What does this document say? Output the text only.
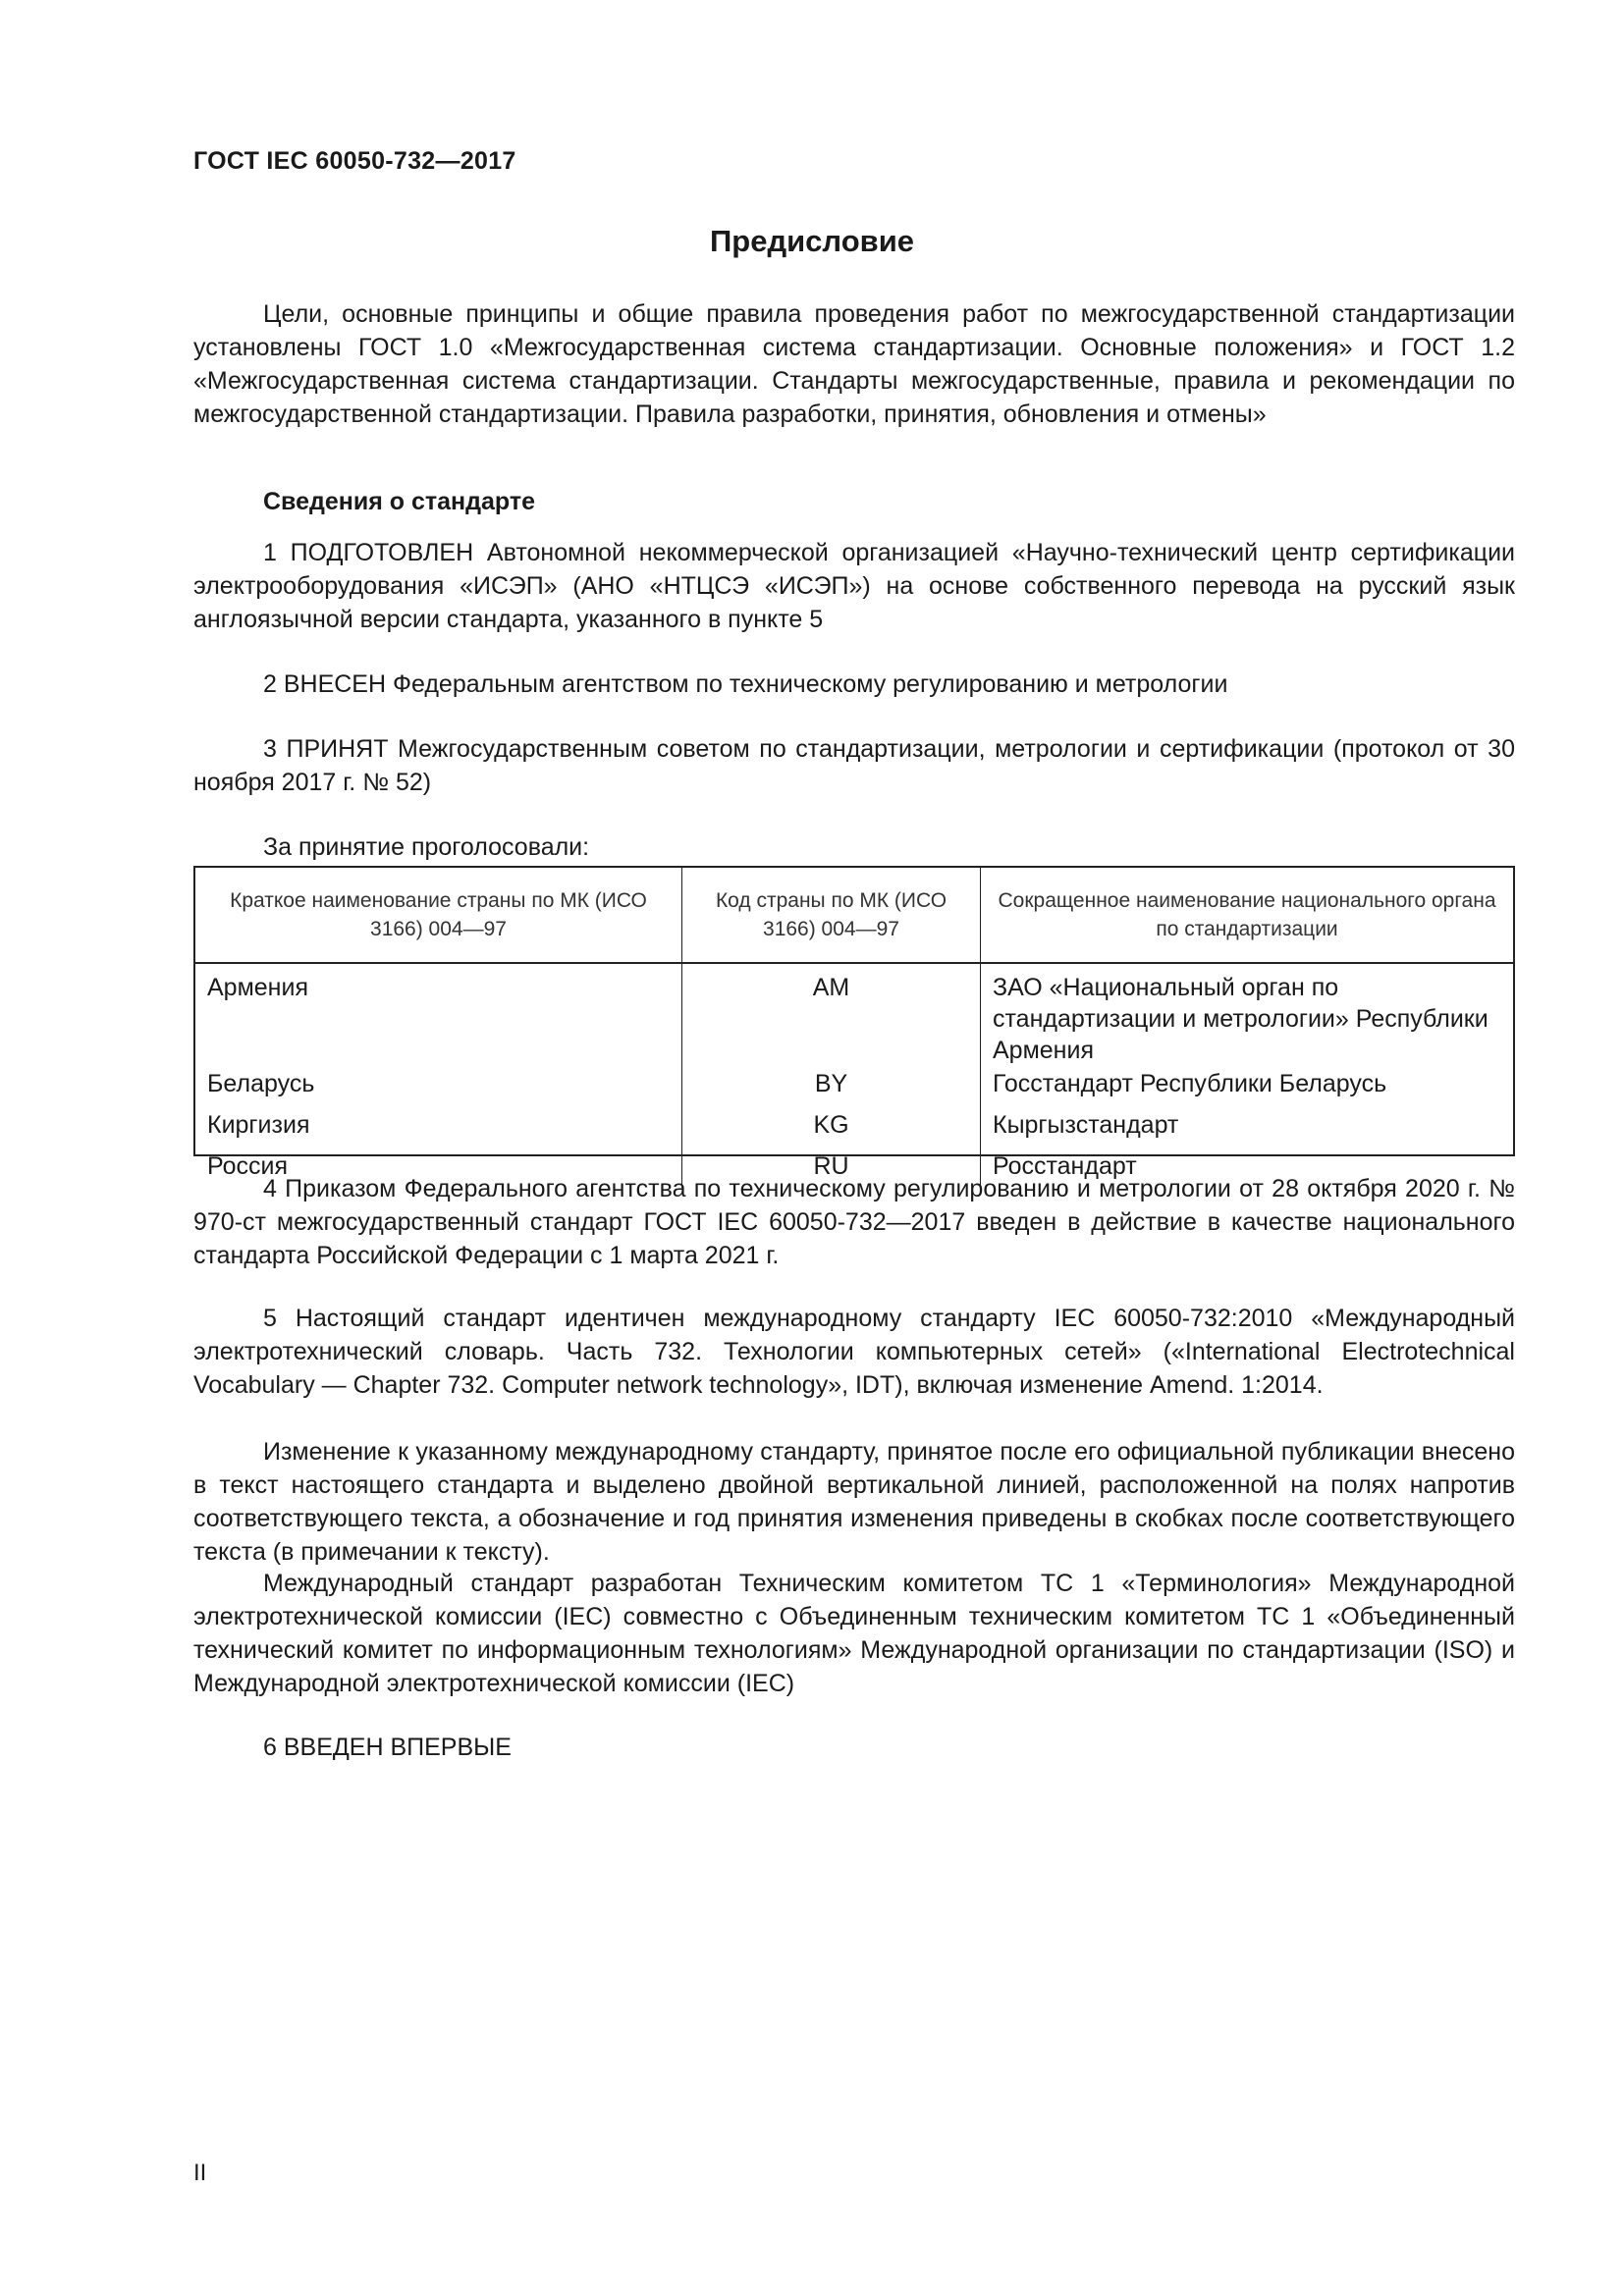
ГОСТ IEC 60050-732—2017
Предисловие
Цели, основные принципы и общие правила проведения работ по межгосударственной стандартизации установлены ГОСТ 1.0 «Межгосударственная система стандартизации. Основные положения» и ГОСТ 1.2 «Межгосударственная система стандартизации. Стандарты межгосударственные, правила и рекомендации по межгосударственной стандартизации. Правила разработки, принятия, обновления и отмены»
Сведения о стандарте
1 ПОДГОТОВЛЕН Автономной некоммерческой организацией «Научно-технический центр сертификации электрооборудования «ИСЭП» (АНО «НТЦСЭ «ИСЭП») на основе собственного перевода на русский язык англоязычной версии стандарта, указанного в пункте 5
2 ВНЕСЕН Федеральным агентством по техническому регулированию и метрологии
3 ПРИНЯТ Межгосударственным советом по стандартизации, метрологии и сертификации (протокол от 30 ноября 2017 г. № 52)
За принятие проголосовали:
Краткое наименование страны по МК (ИСО 3166) 004—97	Код страны по МК (ИСО 3166) 004—97	Сокращенное наименование национального органа по стандартизации
Армения	AM	ЗАО «Национальный орган по стандартизации и метрологии» Республики Армения
Беларусь	BY	Госстандарт Республики Беларусь
Киргизия	KG	Кыргызстандарт
Россия	RU	Росстандарт
4 Приказом Федерального агентства по техническому регулированию и метрологии от 28 октября 2020 г. № 970-ст межгосударственный стандарт ГОСТ IEC 60050-732—2017 введен в действие в качестве национального стандарта Российской Федерации с 1 марта 2021 г.
5 Настоящий стандарт идентичен международному стандарту IEC 60050-732:2010 «Международный электротехнический словарь. Часть 732. Технологии компьютерных сетей» («International Electrotechnical Vocabulary — Chapter 732. Computer network technology», IDT), включая изменение Amend. 1:2014.
Изменение к указанному международному стандарту, принятое после его официальной публикации внесено в текст настоящего стандарта и выделено двойной вертикальной линией, расположенной на полях напротив соответствующего текста, а обозначение и год принятия изменения приведены в скобках после соответствующего текста (в примечании к тексту).
Международный стандарт разработан Техническим комитетом ТС 1 «Терминология» Международной электротехнической комиссии (IEC) совместно с Объединенным техническим комитетом ТС 1 «Объединенный технический комитет по информационным технологиям» Международной организации по стандартизации (ISO) и Международной электротехнической комиссии (IEC)
6 ВВЕДЕН ВПЕРВЫЕ
II
